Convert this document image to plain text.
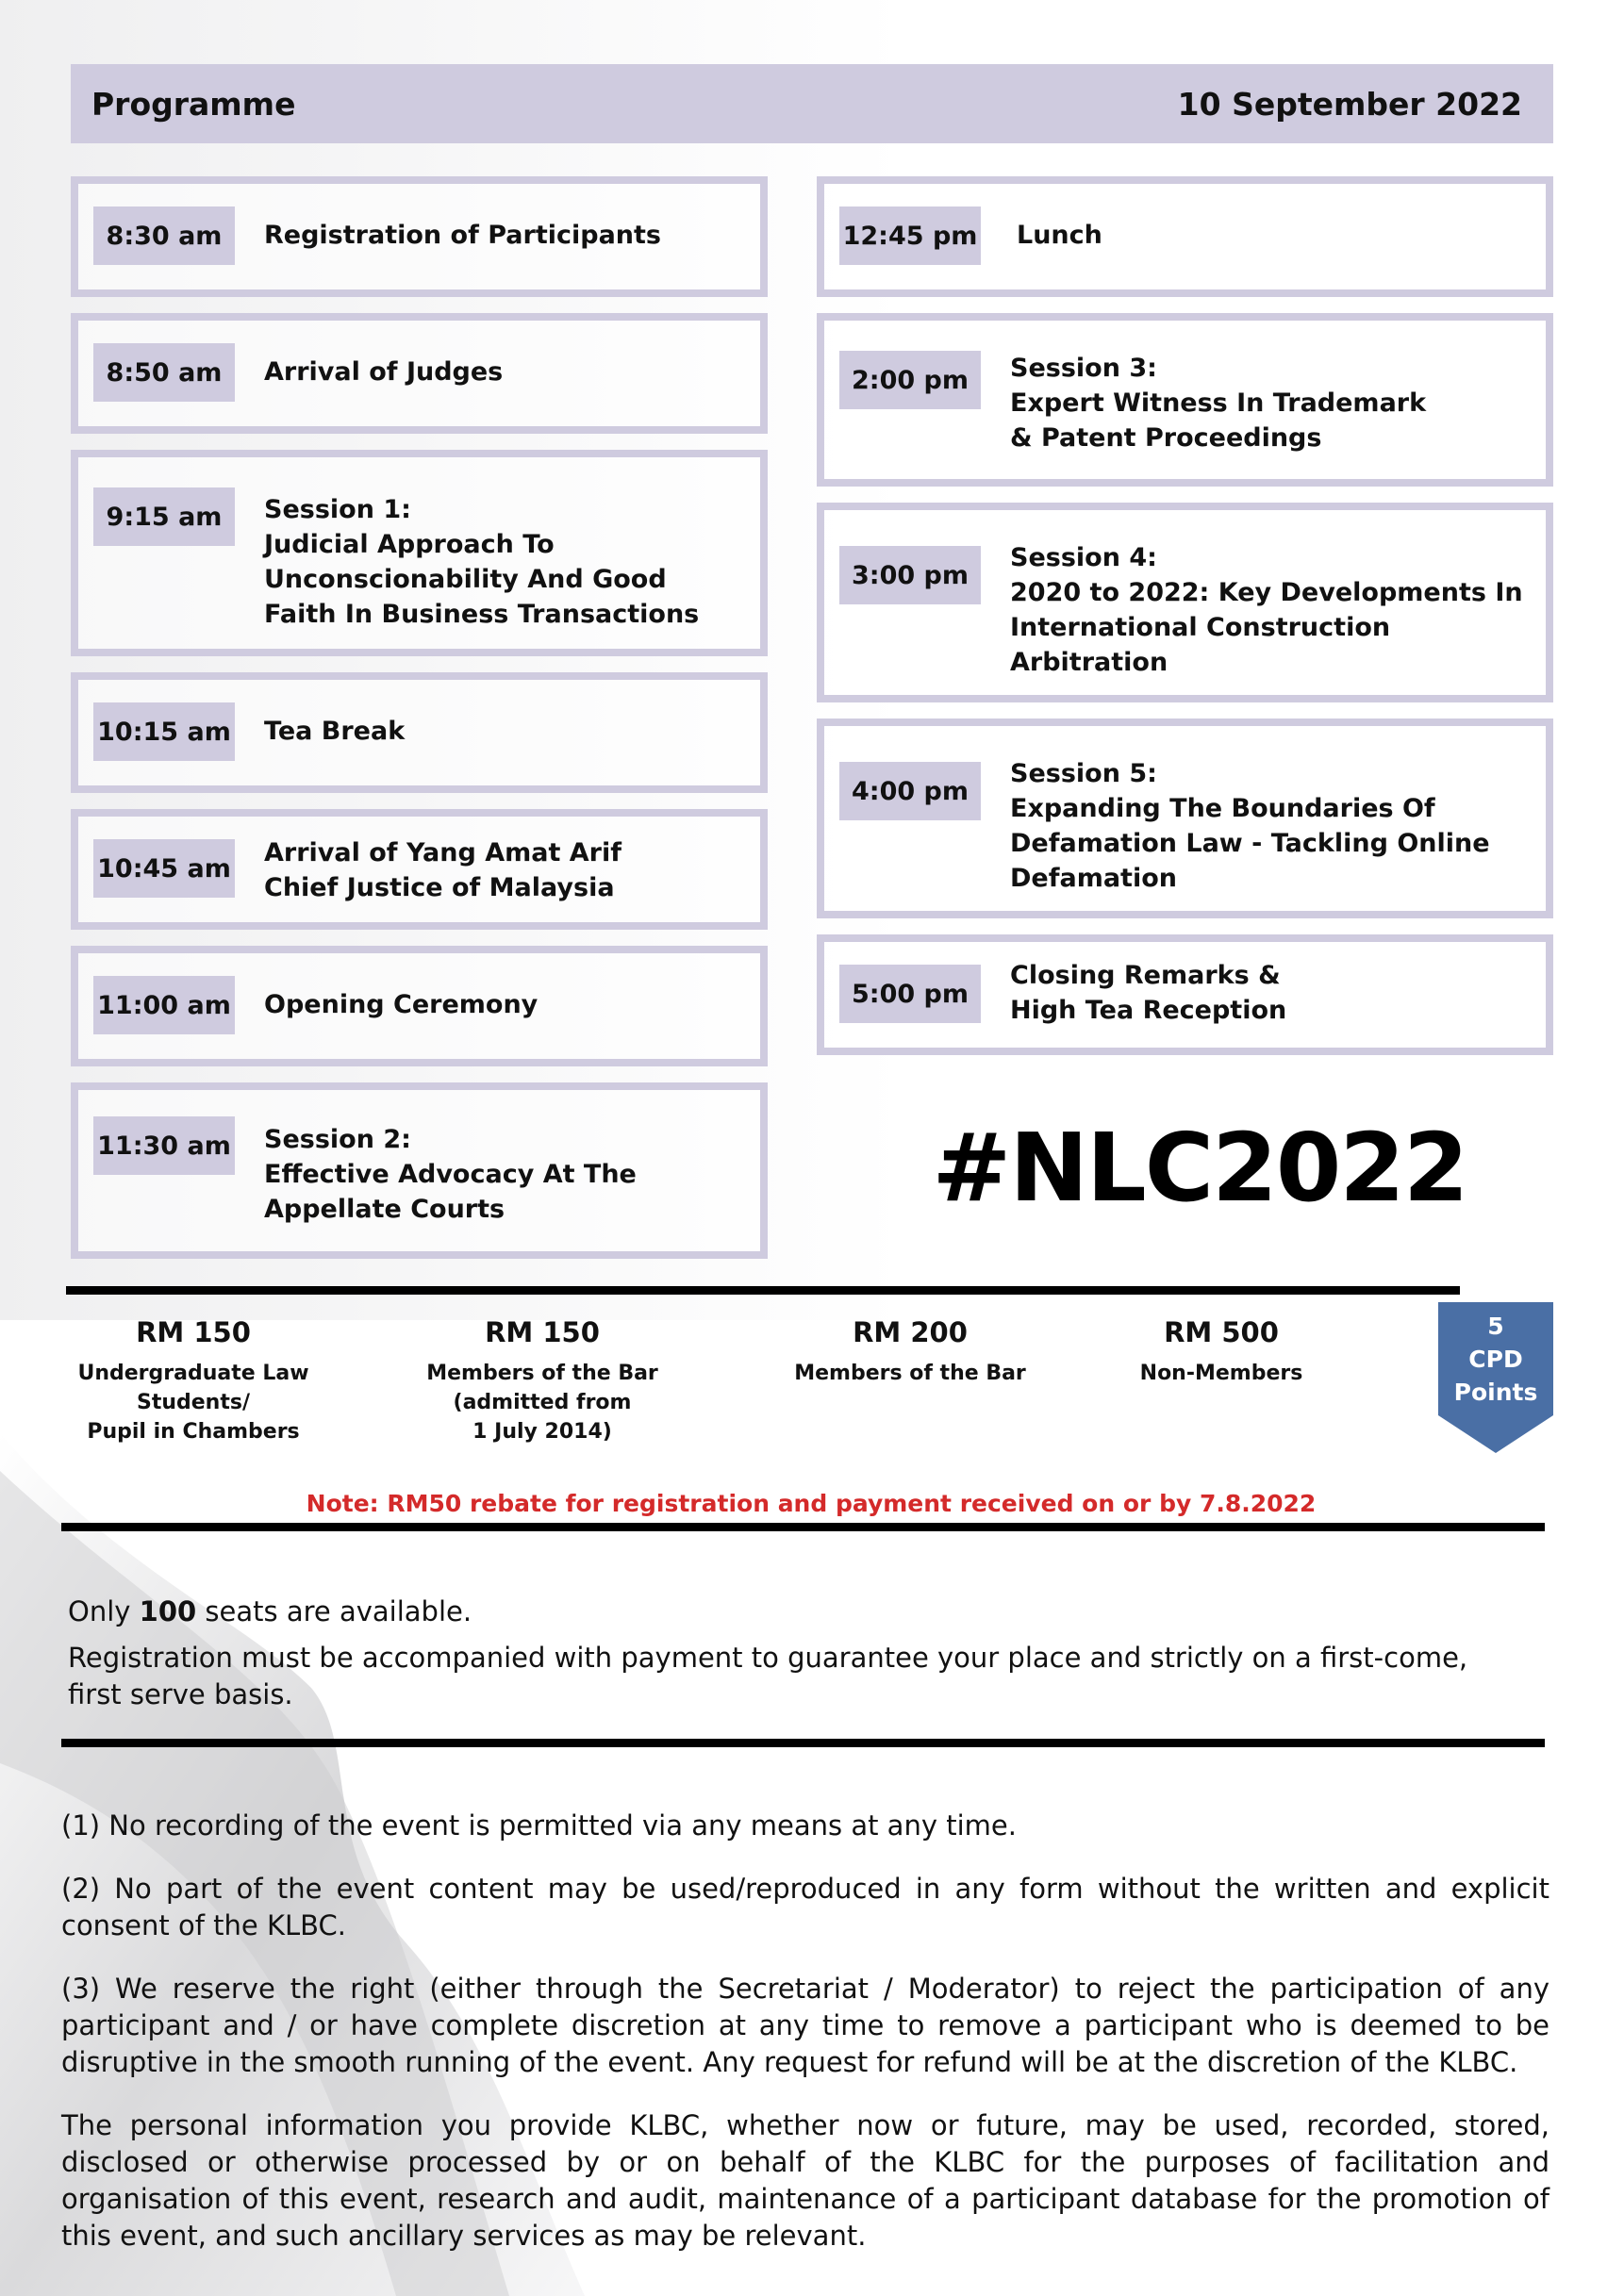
Programme	10 September 2022
8:30 am	Registration of Participants
8:50 am	Arrival of Judges
9:15 am	Session 1:
Judicial Approach To
Unconscionability And Good
Faith In Business Transactions
10:15 am Tea Break
10:45 am
Arrival of Yang Amat Arif
Chief Justice of Malaysia
11:00 am Opening Ceremony
11:30 am Session 2:
Effective Advocacy At The
Appellate Courts
12:45 pm Lunch
2:00 pm	Session 3:
Expert Witness In Trademark
& Patent Proceedings
3:00 pm
Session 4:
2020 to 2022: Key Developments In
International Construction
Arbitration
4:00 pm
Session 5:
Expanding The Boundaries Of
Defamation Law - Tackling Online
Defamation
5:00 pm
Closing Remarks &
High Tea Reception
#NLC2022
RM 150
Undergraduate Law
Students/
Pupil in Chambers
RM 150
Members of the Bar
(admitted from
1 July 2014)
RM 200
Members of the Bar
RM 500
Non-Members
5
CPD
Points
Note: RM50 rebate for registration and payment received on or by 7.8.2022

Only 100 seats are available.

Registration must be accompanied with payment to guarantee your place and strictly on a first-come, first serve basis.

(1) No recording of the event is permitted via any means at any time.

(2) No part of the event content may be used/reproduced in any form without the written and explicit consent of the KLBC.

(3) We reserve the right (either through the Secretariat / Moderator) to reject the participation of any participant and / or have complete discretion at any time to remove a participant who is deemed to be disruptive in the smooth running of the event. Any request for refund will be at the discretion of the KLBC.

The personal information you provide KLBC, whether now or future, may be used, recorded, stored, disclosed or otherwise processed by or on behalf of the KLBC for the purposes of facilitation and organisation of this event, research and audit, maintenance of a participant database for the promotion of this event, and such ancillary services as may be relevant.
